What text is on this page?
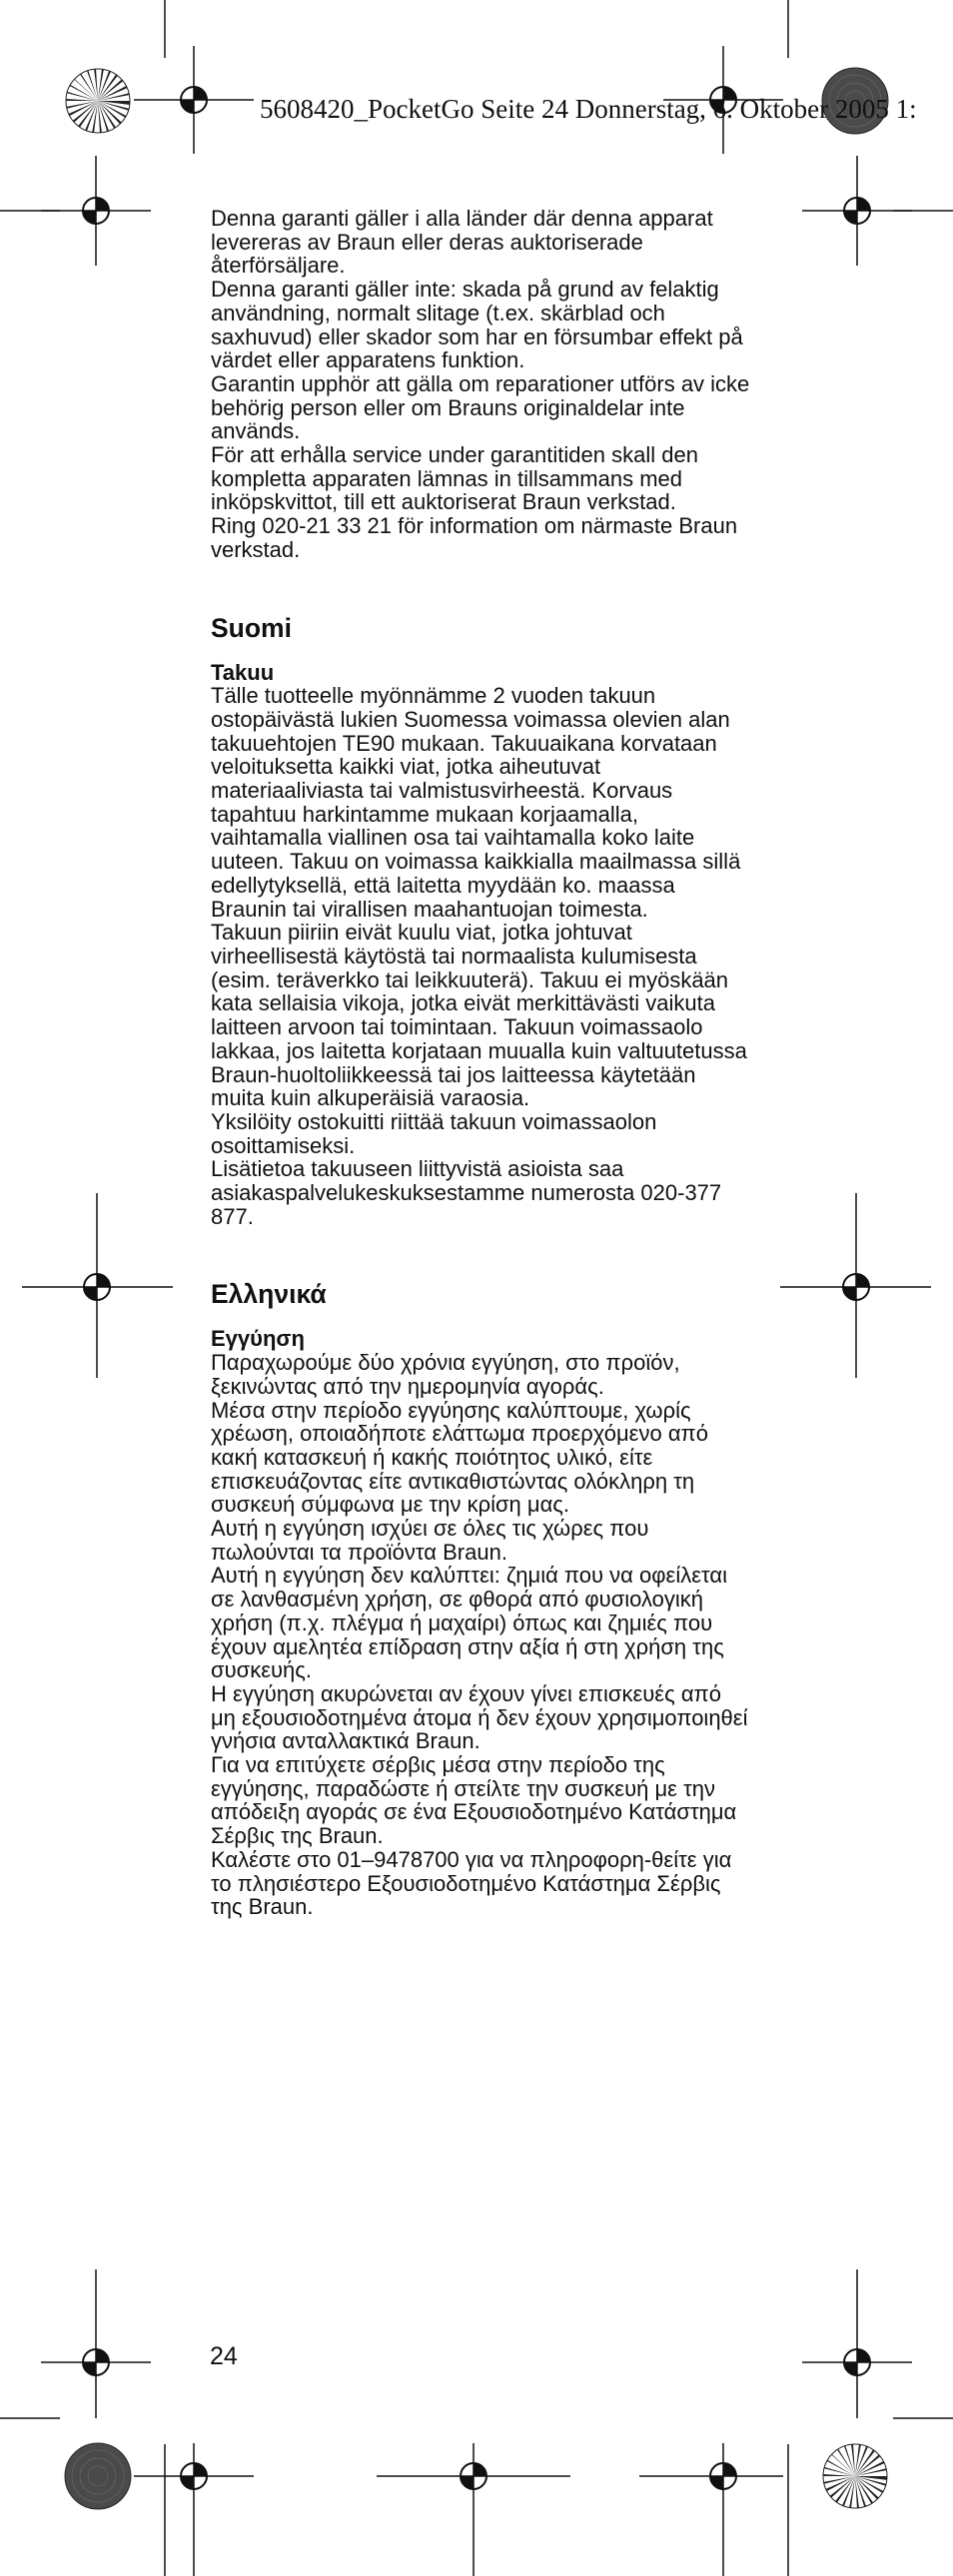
5608420_PocketGo Seite 24 Donnerstag, 6. Oktober 2005 1:

Denna garanti gäller i alla länder där denna apparat levereras av Braun eller deras auktoriserade återförsäljare.

Denna garanti gäller inte: skada på grund av felaktig användning, normalt slitage (t.ex. skärblad och saxhuvud) eller skador som har en försumbar effekt på värdet eller apparatens funktion.

Garantin upphör att gälla om reparationer utförs av icke behörig person eller om Brauns originaldelar inte används.

För att erhålla service under garantitiden skall den kompletta apparaten lämnas in tillsammans med inköpskvittot, till ett auktoriserat Braun verkstad.

Ring 020-21 33 21 för information om närmaste Braun verkstad.

Suomi
Takuu

Tälle tuotteelle myönnämme 2 vuoden takuun ostopäivästä lukien Suomessa voimassa olevien alan takuuehtojen TE90 mukaan. Takuuaikana korvataan veloituksetta kaikki viat, jotka aiheutuvat materiaaliviasta tai valmistusvirheestä. Korvaus tapahtuu harkintamme mukaan korjaamalla, vaihtamalla viallinen osa tai vaihtamalla koko laite uuteen. Takuu on voimassa kaikkialla maailmassa sillä edellytyksellä, että laitetta myydään ko. maassa Braunin tai virallisen maahantuojan toimesta.

Takuun piiriin eivät kuulu viat, jotka johtuvat virheellisestä käytöstä tai normaalista kulumisesta (esim. teräverkko tai leikkuuterä). Takuu ei myöskään kata sellaisia vikoja, jotka eivät merkittävästi vaikuta laitteen arvoon tai toimintaan. Takuun voimassaolo lakkaa, jos laitetta korjataan muualla kuin valtuutetussa Braun-huoltoliikkeessä tai jos laitteessa käytetään muita kuin alkuperäisiä varaosia.

Yksilöity ostokuitti riittää takuun voimassaolon osoittamiseksi.

Lisätietoa takuuseen liittyvistä asioista saa asiakaspalvelukeskuksestamme numerosta 020-377 877.

Ελληνικά
Εγγύηση

Παραχωρούμε δύο χρόνια εγγύηση, στο προϊόν, ξεκινώντας από την ημερομηνία αγοράς.

Μέσα στην περίοδο εγγύησης καλύπτουμε, χωρίς χρέωση, οποιαδήποτε ελάττωμα προερχόμενο από κακή κατασκευή ή κακής ποιότητος υλικό, είτε επισκευάζοντας είτε αντικαθιστώντας ολόκληρη τη συσκευή σύμφωνα με την κρίση μας.

Αυτή η εγγύηση ισχύει σε όλες τις χώρες που πωλούνται τα προϊόντα Braun.

Αυτή η εγγύηση δεν καλύπτει: ζημιά που να οφείλεται σε λανθασμένη χρήση, σε φθορά από φυσιολογική χρήση (π.χ. πλέγμα ή μαχαίρι) όπως και ζημιές που έχουν αμελητέα επίδραση στην αξία ή στη χρήση της συσκευής.

Η εγγύηση ακυρώνεται αν έχουν γίνει επισκευές από μη εξουσιοδοτημένα άτομα ή δεν έχουν χρησιμοποιηθεί γνήσια ανταλλακτικά Braun.

Για να επιτύχετε σέρβις μέσα στην περίοδο της εγγύησης, παραδώστε ή στείλτε την συσκευή με την απόδειξη αγοράς σε ένα Εξουσιοδοτημένο Κατάστημα Σέρβις της Braun.

Καλέστε στο 01–9478700 για να πληροφορη-θείτε για το πλησιέστερο Εξουσιοδοτημένο Κατάστημα Σέρβις της Braun.

24
